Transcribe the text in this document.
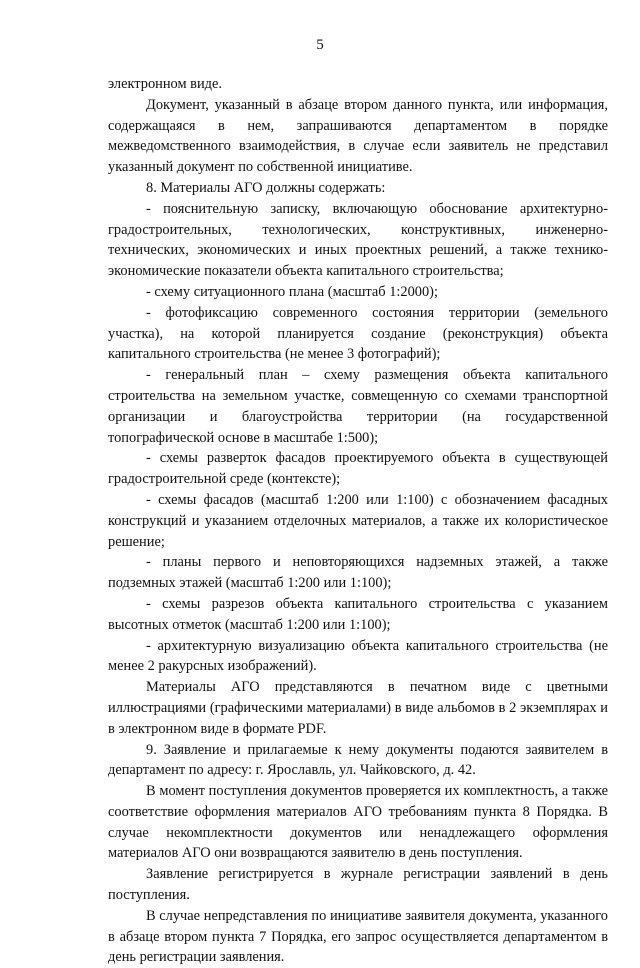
5

электронном виде.

Документ, указанный в абзаце втором данного пункта, или информация, содержащаяся в нем, запрашиваются департаментом в порядке межведомственного взаимодействия, в случае если заявитель не представил указанный документ по собственной инициативе.

8. Материалы АГО должны содержать:

- пояснительную записку, включающую обоснование архитектурно-градостроительных, технологических, конструктивных, инженерно-технических, экономических и иных проектных решений, а также технико-экономические показатели объекта капитального строительства;

- схему ситуационного плана (масштаб 1:2000);

- фотофиксацию современного состояния территории (земельного участка), на которой планируется создание (реконструкция) объекта капитального строительства (не менее 3 фотографий);

- генеральный план – схему размещения объекта капитального строительства на земельном участке, совмещенную со схемами транспортной организации и благоустройства территории (на государственной топографической основе в масштабе 1:500);

- схемы разверток фасадов проектируемого объекта в существующей градостроительной среде (контексте);

- схемы фасадов (масштаб 1:200 или 1:100) с обозначением фасадных конструкций и указанием отделочных материалов, а также их колористическое решение;

- планы первого и неповторяющихся надземных этажей, а также подземных этажей (масштаб 1:200 или 1:100);

- схемы разрезов объекта капитального строительства с указанием высотных отметок (масштаб 1:200 или 1:100);

- архитектурную визуализацию объекта капитального строительства (не менее 2 ракурсных изображений).

Материалы АГО представляются в печатном виде с цветными иллюстрациями (графическими материалами) в виде альбомов в 2 экземплярах и в электронном виде в формате PDF.

9. Заявление и прилагаемые к нему документы подаются заявителем в департамент по адресу: г. Ярославль, ул. Чайковского, д. 42.

В момент поступления документов проверяется их комплектность, а также соответствие оформления материалов АГО требованиям пункта 8 Порядка. В случае некомплектности документов или ненадлежащего оформления материалов АГО они возвращаются заявителю в день поступления.

Заявление регистрируется в журнале регистрации заявлений в день поступления.

В случае непредставления по инициативе заявителя документа, указанного в абзаце втором пункта 7 Порядка, его запрос осуществляется департаментом в день регистрации заявления.
